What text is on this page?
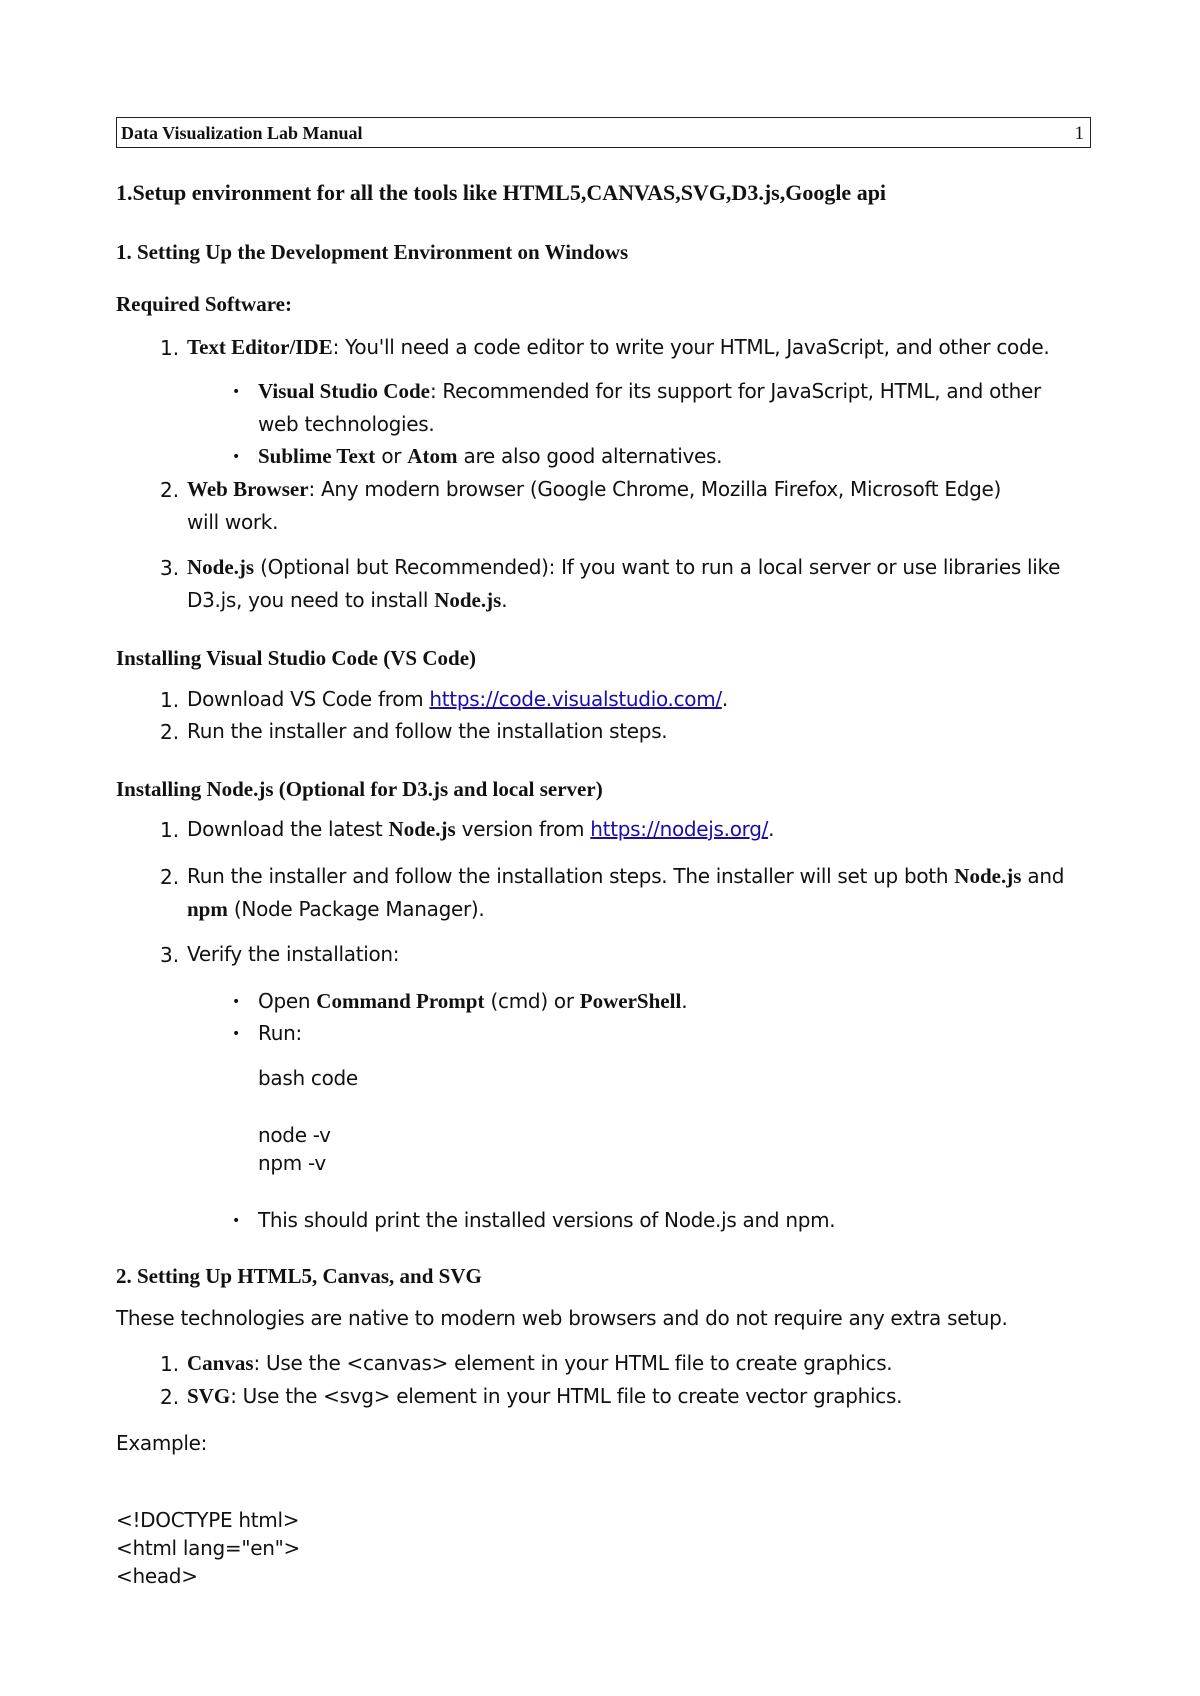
Data Visualization Lab Manual	1
1.Setup environment for all the tools like HTML5,CANVAS,SVG,D3.js,Google api
1. Setting Up the Development Environment on Windows
Required Software:
1. Text Editor/IDE: You'll need a code editor to write your HTML, JavaScript, and other code.
• Visual Studio Code: Recommended for its support for JavaScript, HTML, and other
web technologies.
• Sublime Text or Atom are also good alternatives.
2. Web Browser: Any modern browser (Google Chrome, Mozilla Firefox, Microsoft Edge)
will work.
3. Node.js (Optional but Recommended): If you want to run a local server or use libraries like
D3.js, you need to install Node.js.
Installing Visual Studio Code (VS Code)
1. Download VS Code from https://code.visualstudio.com/.
2. Run the installer and follow the installation steps.
Installing Node.js (Optional for D3.js and local server)
1. Download the latest Node.js version from https://nodejs.org/.
2. Run the installer and follow the installation steps. The installer will set up both Node.js and
npm (Node Package Manager).
3. Verify the installation:
• Open Command Prompt (cmd) or PowerShell.
• Run:
bash code
node -v
npm -v
• This should print the installed versions of Node.js and npm.
2. Setting Up HTML5, Canvas, and SVG
These technologies are native to modern web browsers and do not require any extra setup.
1. Canvas: Use the <canvas> element in your HTML file to create graphics.
2. SVG: Use the <svg> element in your HTML file to create vector graphics.
Example:
<!DOCTYPE html>
<html lang="en">
<head>
